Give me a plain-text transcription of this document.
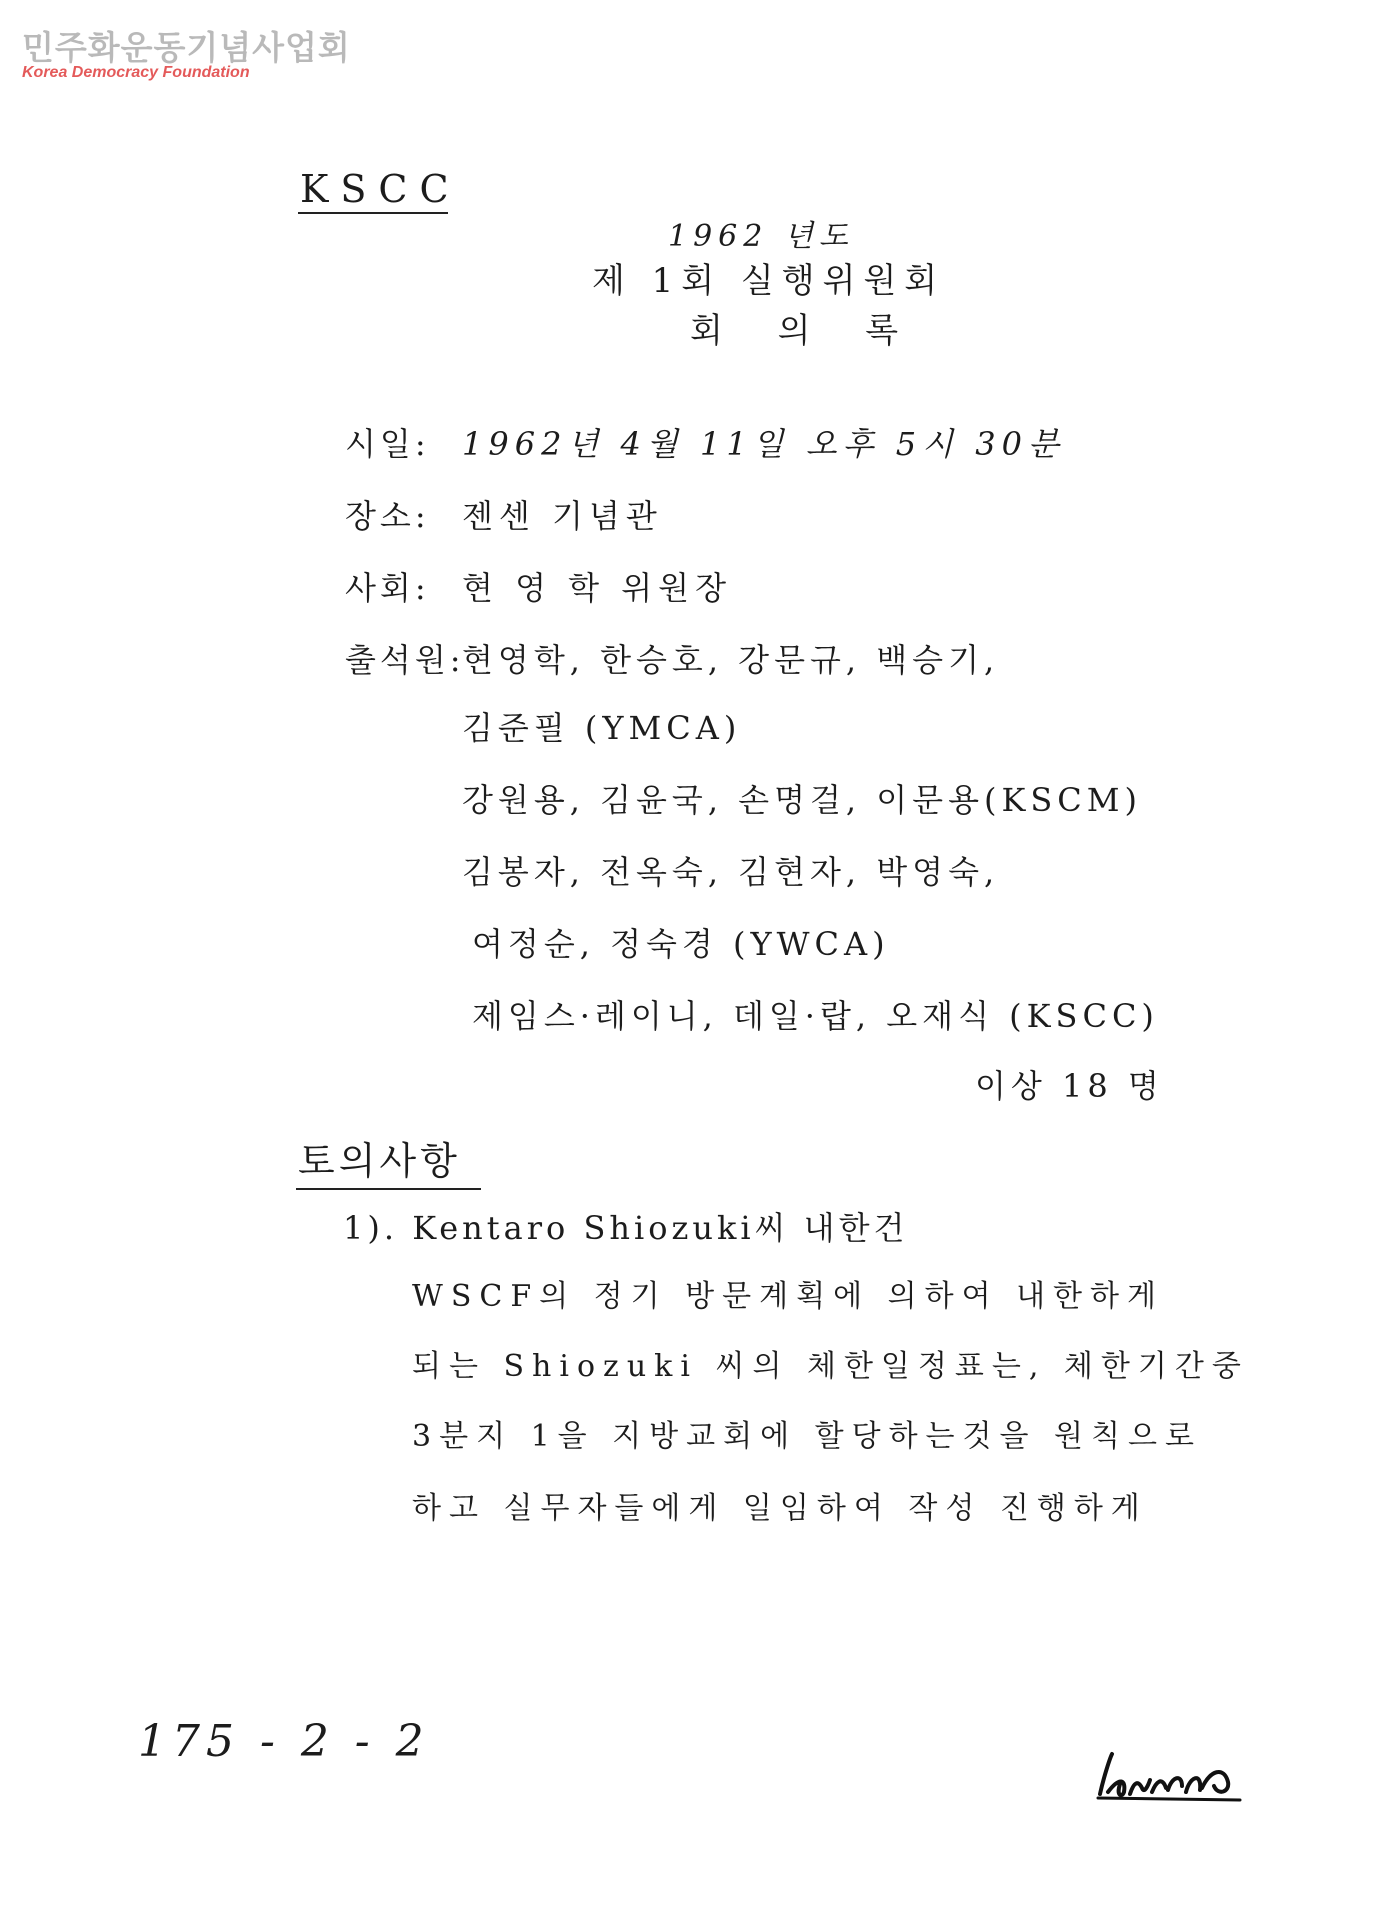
민주화운동기념사업회
Korea Democracy Foundation
KSCC
1962 년도
제 1회 실행위원회
회 의 록
시일: 1962년 4월 11일 오후 5시 30분
장소: 젠센 기념관
사회: 현 영 학 위원장
출석원:
현영학, 한승호, 강문규, 백승기,
김준필 (YMCA)
강원용, 김윤국, 손명걸, 이문용(KSCM)
김봉자, 전옥숙, 김현자, 박영숙,
여정순, 정숙경 (YWCA)
제임스·레이니, 데일·랍, 오재식 (KSCC)
이상 18 명
토의사항
1). Kentaro Shiozuki씨 내한건
WSCF의 정기 방문계획에 의하여 내한하게
되는 Shiozuki 씨의 체한일정표는, 체한기간중
3분지 1을 지방교회에 할당하는것을 원칙으로
하고 실무자들에게 일임하여 작성 진행하게
175 - 2 - 2
